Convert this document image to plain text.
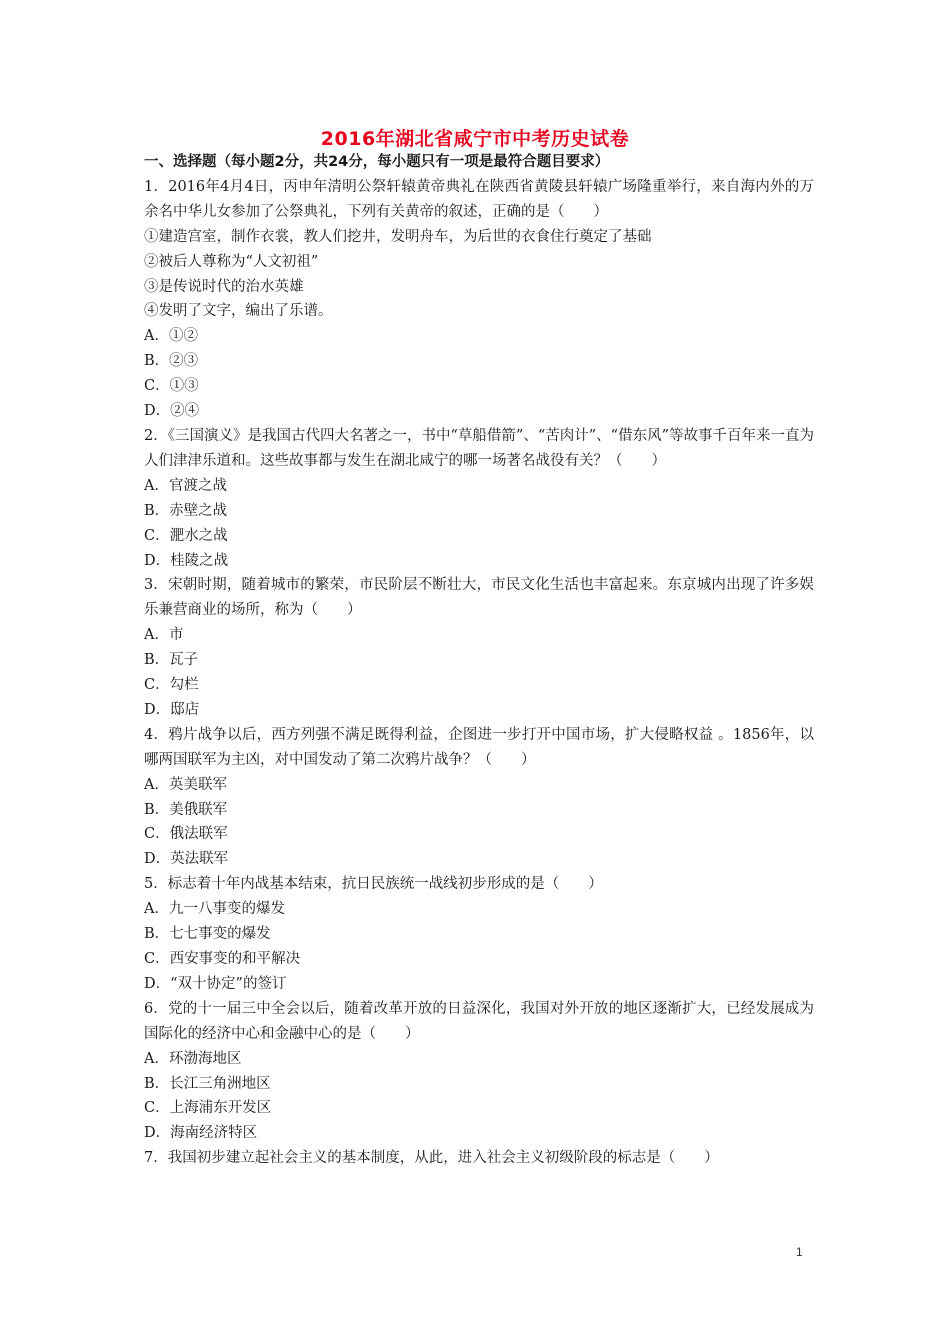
2016年湖北省咸宁市中考历史试卷
一、选择题（每小题2分，共24分，每小题只有一项是最符合题目要求）
1．2016年4月4日，丙申年清明公祭轩辕黄帝典礼在陕西省黄陵县轩辕广场隆重举行，来自海内外的万余名中华儿女参加了公祭典礼，下列有关黄帝的叙述，正确的是（　　）
①建造宫室，制作衣裳，教人们挖井，发明舟车，为后世的衣食住行奠定了基础
②被后人尊称为“人文初祖”
③是传说时代的治水英雄
④发明了文字，编出了乐谱。
A．①②
B．②③
C．①③
D．②④
2．《三国演义》是我国古代四大名著之一，书中“草船借箭”、“苦肉计”、“借东风”等故事千百年来一直为人们津津乐道和。这些故事都与发生在湖北咸宁的哪一场著名战役有关？（　　）
A．官渡之战
B．赤壁之战
C．淝水之战
D．桂陵之战
3．宋朝时期，随着城市的繁荣，市民阶层不断壮大，市民文化生活也丰富起来。东京城内出现了许多娱乐兼营商业的场所，称为（　　）
A．市
B．瓦子
C．勾栏
D．邸店
4．鸦片战争以后，西方列强不满足既得利益，企图进一步打开中国市场，扩大侵略权益 。1856年，以哪两国联军为主凶，对中国发动了第二次鸦片战争？（　　）
A．英美联军
B．美俄联军
C．俄法联军
D．英法联军
5．标志着十年内战基本结束，抗日民族统一战线初步形成的是（　　）
A．九一八事变的爆发
B．七七事变的爆发
C．西安事变的和平解决
D．“双十协定”的签订
6．党的十一届三中全会以后，随着改革开放的日益深化，我国对外开放的地区逐渐扩大，已经发展成为国际化的经济中心和金融中心的是（　　）
A．环渤海地区
B．长江三角洲地区
C．上海浦东开发区
D．海南经济特区
7．我国初步建立起社会主义的基本制度，从此，进入社会主义初级阶段的标志是（　　）
1
